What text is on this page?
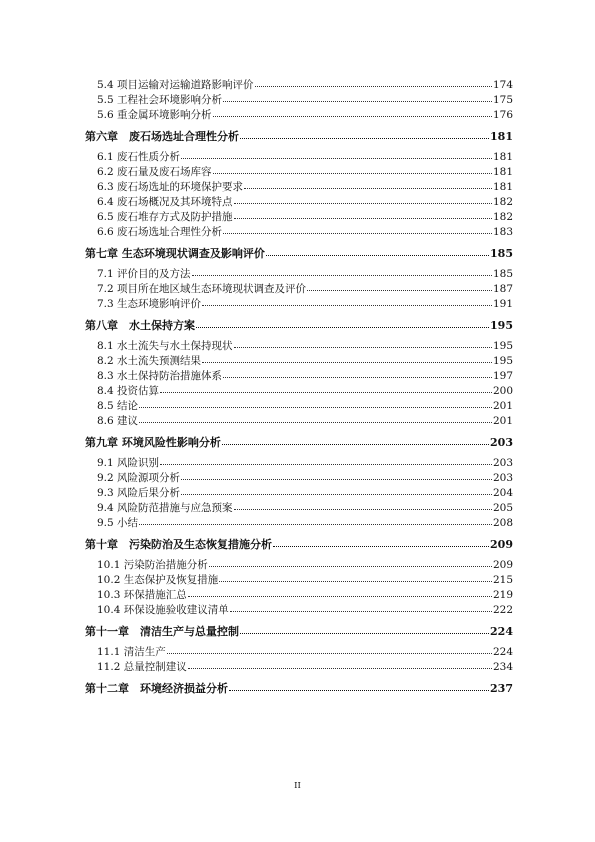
5.4 项目运输对运输道路影响评价	174
5.5 工程社会环境影响分析	175
5.6 重金属环境影响分析	176
第六章　废石场选址合理性分析	181
6.1 废石性质分析	181
6.2 废石量及废石场库容	181
6.3 废石场选址的环境保护要求	181
6.4 废石场概况及其环境特点	182
6.5 废石堆存方式及防护措施	182
6.6 废石场选址合理性分析	183
第七章 生态环境现状调查及影响评价	185
7.1 评价目的及方法	185
7.2 项目所在地区域生态环境现状调查及评价	187
7.3 生态环境影响评价	191
第八章　水土保持方案	195
8.1 水土流失与水土保持现状	195
8.2 水土流失预测结果	195
8.3 水土保持防治措施体系	197
8.4 投资估算	200
8.5 结论	201
8.6 建议	201
第九章 环境风险性影响分析	203
9.1 风险识别	203
9.2 风险源项分析	203
9.3 风险后果分析	204
9.4 风险防范措施与应急预案	205
9.5 小结	208
第十章　污染防治及生态恢复措施分析	209
10.1 污染防治措施分析	209
10.2 生态保护及恢复措施	215
10.3 环保措施汇总	219
10.4 环保设施验收建议清单	222
第十一章　清洁生产与总量控制	224
11.1 清洁生产	224
11.2 总量控制建议	234
第十二章　环境经济损益分析	237
II
